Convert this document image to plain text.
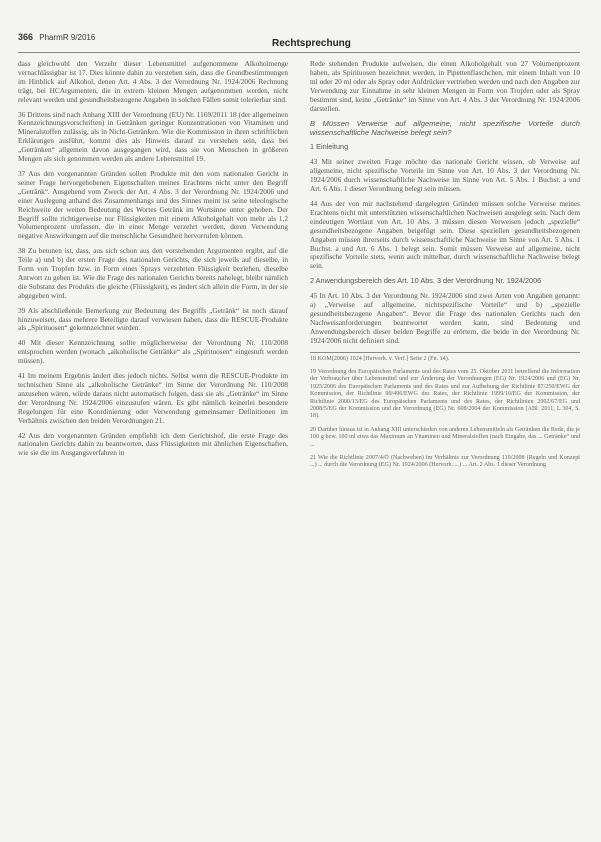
366 PharmR 9/2016
Rechtsprechung

dass gleichwohl den Verzehr dieser Lebensmittel aufgenommene Alkoholmenge vernachlässigbar ist 17. Dies könnte dahin zu verstehen sein, dass die Grundbestimmungen im Hinblick auf Alkohol, denen Art. 4 Abs. 3 der Verordnung Nr. 1924/2006 Rechnung trägt, bei HCArgumenten, die in extrem kleinen Mengen aufgenommen werden, nicht relevant werden und gesundheitsbezogene Angaben in solchen Fällen somit tolerierbar sind.

36 Drittens sind nach Anhang XIII der Verordnung (EU) Nr. 1169/2011 18 (der allgemeinen Kennzeichnungsvorschriften) in Getränken geringer Konzentrationen von Vitaminen und Mineralstoffen zulässig, als in Nicht-Getränken. Wie die Kommission in ihren schriftlichen Erklärungen ausführt, kommt dies als Hinweis darauf zu verstehen sein, dass bei „Getränken“ allgemein davon ausgegangen wird, dass sie von Menschen in größeren Mengen als sich genommen werden als andere Lebensmittel 19.

37 Aus den vorgenannten Gründen sollen Produkte mit den vom nationalen Gericht in seiner Frage hervorgehobenen Eigenschaften meines Erachtens nicht unter den Begriff „Getränk“. Ausgehend vom Zweck der Art. 4 Abs. 3 der Verordnung Nr. 1924/2006 und einer Auslegung anhand des Zusammenhangs und des Sinnes meint ist seine teleologische Reichweite der weiten Bedeutung des Wortes Getränk im Wortsinne unter gehoben. Der Begriff sollte richtigerweise nur Flüssigkeiten mit einem Alkoholgehalt von mehr als 1,2 Volumenprozent umfassen, die in einer Menge verzehrt werden, deren Verwendung negative Auswirkungen auf die menschliche Gesundheit hervorrufen können.

38 Zu betonen ist, dass, aus sich schon aus den vorstehenden Argumenten ergibt, auf die Teile a) und b) der ersten Frage des nationalen Gerichts, die sich jeweils auf dieselbe, in Form von Tropfen bzw. in Form eines Sprays verzehrten Flüssigkeit beziehen, dieselbe Antwort zu geben ist. Wie die Frage des nationalen Gerichts bereits nahelegt, bleibt nämlich die Substanz des Produkts die gleiche (Flüssigkeit), es ändert sich allein die Form, in der sie abgegeben wird.

39 Als abschließende Bemerkung zur Bedeutung des Begriffs „Getränk“ ist noch darauf hinzuweisen, dass mehrere Beteiligte darauf verwiesen haben, dass die RESCUE-Produkte als „Spirituosen“ gekennzeichnet wurden.

40 Mit dieser Kennzeichnung sollte möglicherweise der Verordnung Nr. 110/2008 entsprochen werden (wonach „alkoholische Getränke“ als „Spirituosen“ eingestuft werden müssen).

41 Im meinem Ergebnis ändert dies jedoch nichts. Selbst wenn die RESCUE-Produkte im technischen Sinne als „alkoholische Getränke“ im Sinne der Verordnung Nr. 110/2008 anzusehen wären, würde daraus nicht automatisch folgen, dass sie als „Getränke“ im Sinne der Verordnung Nr. 1924/2006 einzustufen wären. Es gibt nämlich keinerlei besondere Regelungen für eine Koordinierung oder Verwendung gemeinsamer Definitionen im Verhältnis zwischen den beiden Verordnungen 21.

42 Aus den vorgenannten Gründen empfiehlt ich dem Gerichtshof, die erste Frage des nationalen Gerichts dahin zu beantworten, dass Flüssigkeiten mit ähnlichen Eigenschaften, wie sie die im Ausgangsverfahren in

Rede stehenden Produkte aufweisen, die einen Alkoholgehalt von 27 Volumenprozent haben, als Spirituosen bezeichnet werden, in Pipettenflaschchen, mit einem Inhalt von 10 ml oder 20 ml oder als Spray oder Aufdrücker vertrieben werden und nach den Angaben zur Verwendung zur Einnahme in sehr kleinen Mengen in Form von Tropfen oder als Spray bestimmt sind, keine „Getränke“ im Sinne von Art. 4 Abs. 3 der Verordnung Nr. 1924/2006 darstellen.

B Müssen Verweise auf allgemeine, nicht spezifische Vorteile durch wissenschaftliche Nachweise belegt sein?
1 Einleitung

43 Mit seiner zweiten Frage möchte das nationale Gericht wissen, ob Verweise auf allgemeine, nicht spezifische Vorteile im Sinne von Art. 10 Abs. 3 der Verordnung Nr. 1924/2006 durch wissenschaftliche Nachweise im Sinne von Art. 5 Abs. 1 Buchst. a und Art. 6 Abs. 1 dieser Verordnung belegt sein müssen.

44 Aus der von mir nachstehend dargelegten Gründen müssen solche Verweise meines Erachtens nicht mit unterstützten wissenschaftlichen Nachweisen ausgelegt sein. Nach dem eindeutigen Wortlaut von Art. 10 Abs. 3 müssen diesen Verweisen jedoch „spezielle“ gesundheitsbezogene Angaben beigefügt sein. Diese speziellen gesundheitsbezogenen Angaben müssen ihrerseits durch wissenschaftliche Nachweise im Sinne von Art. 5 Abs. 1 Buchst. a und Art. 6 Abs. 1 belegt sein. Somit müssen Verweise auf allgemeine, nicht spezifische Vorteile stets, wenn auch mittelbar, durch wissenschaftliche Nachweise belegt sein.

2 Anwendungsbereich des Art. 10 Abs. 3 der Verordnung Nr. 1924/2006

45 In Art. 10 Abs. 3 der Verordnung Nr. 1924/2006 sind zwei Arten von Angaben genannt: a) „Verweise auf allgemeine, nichtspezifische Vorteile“ und b) „spezielle gesundheitsbezogene Angaben“. Bevor die Frage des nationalen Gerichts nach den Nachweisanforderungen beantwortet werden kann, sind Bedeutung und Anwendungsbereich dieser beiden Begriffe zu erörtern, die beide in der Verordnung Nr. 1924/2006 nicht definiert sind.

18 KOM(2006) 1024 [Hervorh. v. Verf.] Seite 2 (Fn. 14).

19 Verordnung des Europäischen Parlaments und des Rates vom 25. Oktober 2011 betreffend die Information der Verbraucher über Lebensmittel und zur Änderung der Verordnungen (EG) Nr. 1924/2006 und (EG) Nr. 1925/2006 des Europäischen Parlaments und des Rates und zur Aufhebung der Richtlinie 87/250/EWG der Kommission, der Richtlinie 90/496/EWG des Rates, der Richtlinie 1999/10/EG der Kommission, der Richtlinie 2000/13/EG des Europäischen Parlaments und des Rates, der Richtlinien 2002/67/EG und 2008/5/EG der Kommission und der Verordnung (EG) Nr. 608/2004 der Kommission (ABl. 2011, L 304, S. 18).

20 Darüber hinaus ist in Anhang XIII unterschieden von anderen Lebensmitteln als Getränken die Rede, die je 100 g bzw. 100 ml etwa das Maximum an Vitaminen und Mineralstoffen (nach Eingabe, das ... Getränke“ und ...

21 Wie die Richtlinie 2007/4/Ö (Nachwehen) im Verhältnis zur Verordnung 110/2008 (Regeln und Konzept ...) ... durch die Verordnung (EG) Nr. 1924/2006 (Hervorh. ...) ... Art. 2 Abs. 1 dieser Verordnung
